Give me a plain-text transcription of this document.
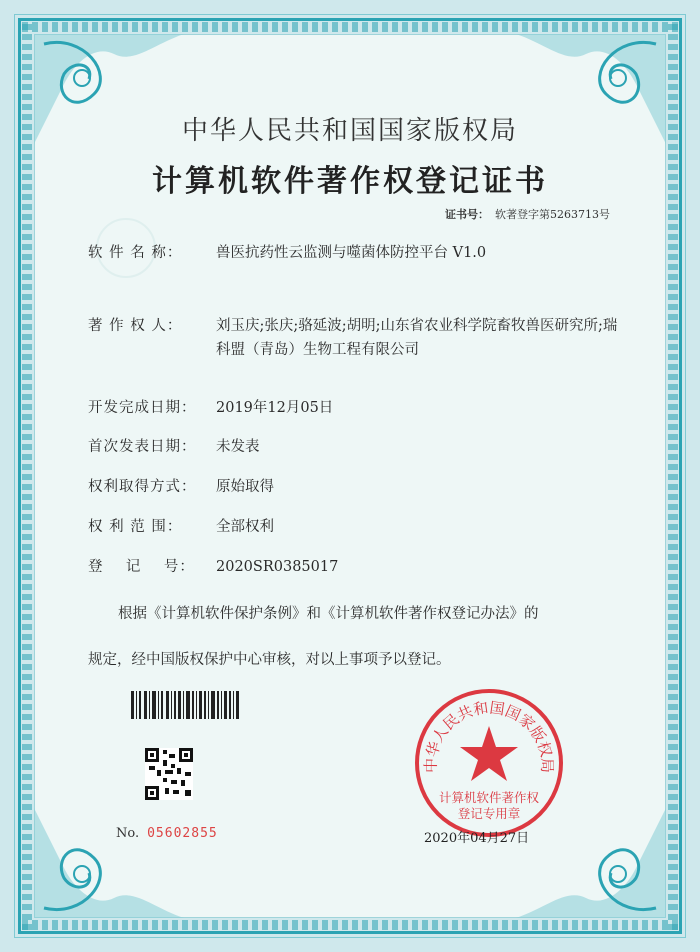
中华人民共和国国家版权局
计算机软件著作权登记证书
证书号： 软著登字第5263713号
软 件 名 称：	兽医抗药性云监测与噬菌体防控平台 V1.0
著 作 权 人：	刘玉庆;张庆;骆延波;胡明;山东省农业科学院畜牧兽医研究所;瑞科盟（青岛）生物工程有限公司
开发完成日期：	2019年12月05日
首次发表日期：	未发表
权利取得方式：	原始取得
权 利 范 围：	全部权利
登    记    号：	2020SR0385017
根据《计算机软件保护条例》和《计算机软件著作权登记办法》的
规定，经中国版权保护中心审核，对以上事项予以登记。
No. 05602855
中华人民共和国国家版权局
计算机软件著作权
登记专用章
2020年04月27日
